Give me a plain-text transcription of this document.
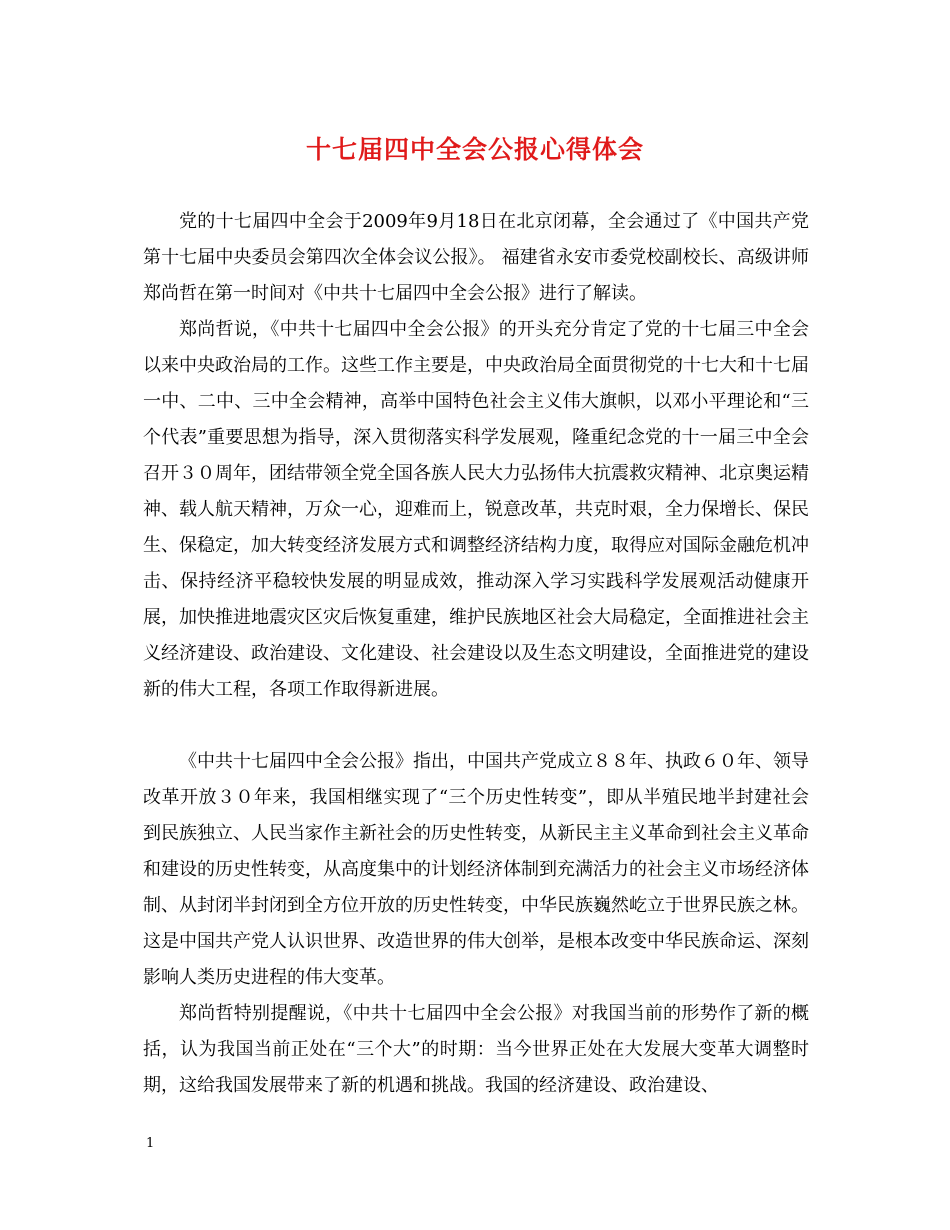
十七届四中全会公报心得体会

党的十七届四中全会于2009年9月18日在北京闭幕，全会通过了《中国共产党第十七届中央委员会第四次全体会议公报》。 福建省永安市委党校副校长、高级讲师郑尚哲在第一时间对《中共十七届四中全会公报》进行了解读。

郑尚哲说，《中共十七届四中全会公报》的开头充分肯定了党的十七届三中全会以来中央政治局的工作。这些工作主要是，中央政治局全面贯彻党的十七大和十七届一中、二中、三中全会精神，高举中国特色社会主义伟大旗帜，以邓小平理论和“三个代表”重要思想为指导，深入贯彻落实科学发展观，隆重纪念党的十一届三中全会召开３０周年，团结带领全党全国各族人民大力弘扬伟大抗震救灾精神、北京奥运精神、载人航天精神，万众一心，迎难而上，锐意改革，共克时艰，全力保增长、保民生、保稳定，加大转变经济发展方式和调整经济结构力度，取得应对国际金融危机冲击、保持经济平稳较快发展的明显成效，推动深入学习实践科学发展观活动健康开展，加快推进地震灾区灾后恢复重建，维护民族地区社会大局稳定，全面推进社会主义经济建设、政治建设、文化建设、社会建设以及生态文明建设，全面推进党的建设新的伟大工程，各项工作取得新进展。

《中共十七届四中全会公报》指出，中国共产党成立８８年、执政６０年、领导改革开放３０年来，我国相继实现了“三个历史性转变”，即从半殖民地半封建社会到民族独立、人民当家作主新社会的历史性转变，从新民主主义革命到社会主义革命和建设的历史性转变，从高度集中的计划经济体制到充满活力的社会主义市场经济体制、从封闭半封闭到全方位开放的历史性转变，中华民族巍然屹立于世界民族之林。这是中国共产党人认识世界、改造世界的伟大创举，是根本改变中华民族命运、深刻影响人类历史进程的伟大变革。

郑尚哲特别提醒说，《中共十七届四中全会公报》对我国当前的形势作了新的概括，认为我国当前正处在“三个大”的时期：当今世界正处在大发展大变革大调整时期，这给我国发展带来了新的机遇和挑战。我国的经济建设、政治建设、

1
